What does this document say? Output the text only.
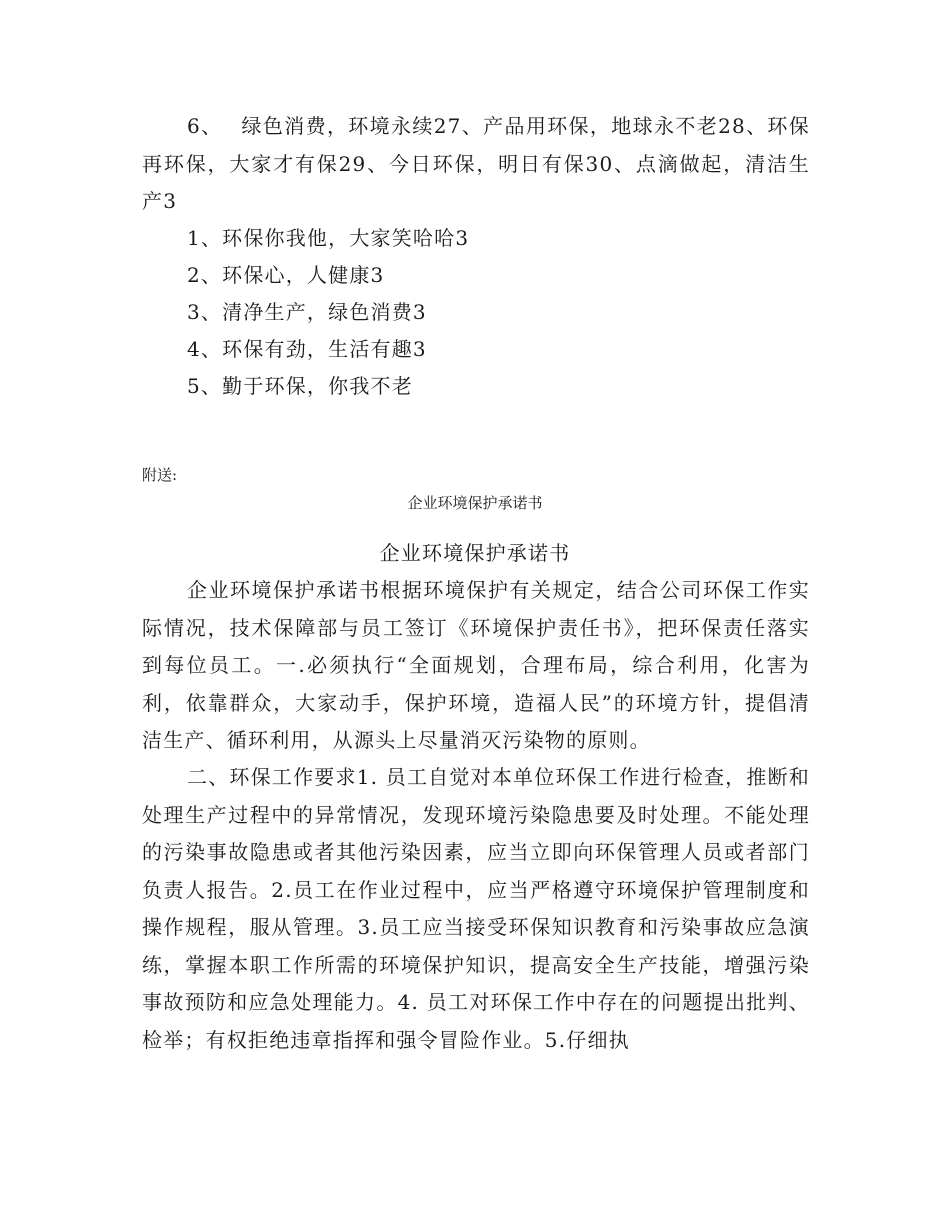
6、　 绿色消费，环境永续27、产品用环保，地球永不老28、环保再环保，大家才有保29、今日环保，明日有保30、点滴做起，清洁生产3

1、环保你我他，大家笑哈哈3

2、环保心，人健康3

3、清净生产，绿色消费3

4、环保有劲，生活有趣3

5、勤于环保，你我不老

附送:

企业环境保护承诺书

企业环境保护承诺书

企业环境保护承诺书根据环境保护有关规定，结合公司环保工作实际情况，技术保障部与员工签订《环境保护责任书》，把环保责任落实到每位员工。一.必须执行“全面规划，合理布局，综合利用，化害为利，依靠群众，大家动手，保护环境，造福人民”的环境方针，提倡清洁生产、循环利用，从源头上尽量消灭污染物的原则。

二、环保工作要求1. 员工自觉对本单位环保工作进行检查，推断和处理生产过程中的异常情况，发现环境污染隐患要及时处理。不能处理的污染事故隐患或者其他污染因素，应当立即向环保管理人员或者部门负责人报告。2.员工在作业过程中，应当严格遵守环境保护管理制度和操作规程，服从管理。3.员工应当接受环保知识教育和污染事故应急演练，掌握本职工作所需的环境保护知识，提高安全生产技能，增强污染事故预防和应急处理能力。4. 员工对环保工作中存在的问题提出批判、检举；有权拒绝违章指挥和强令冒险作业。5.仔细执
